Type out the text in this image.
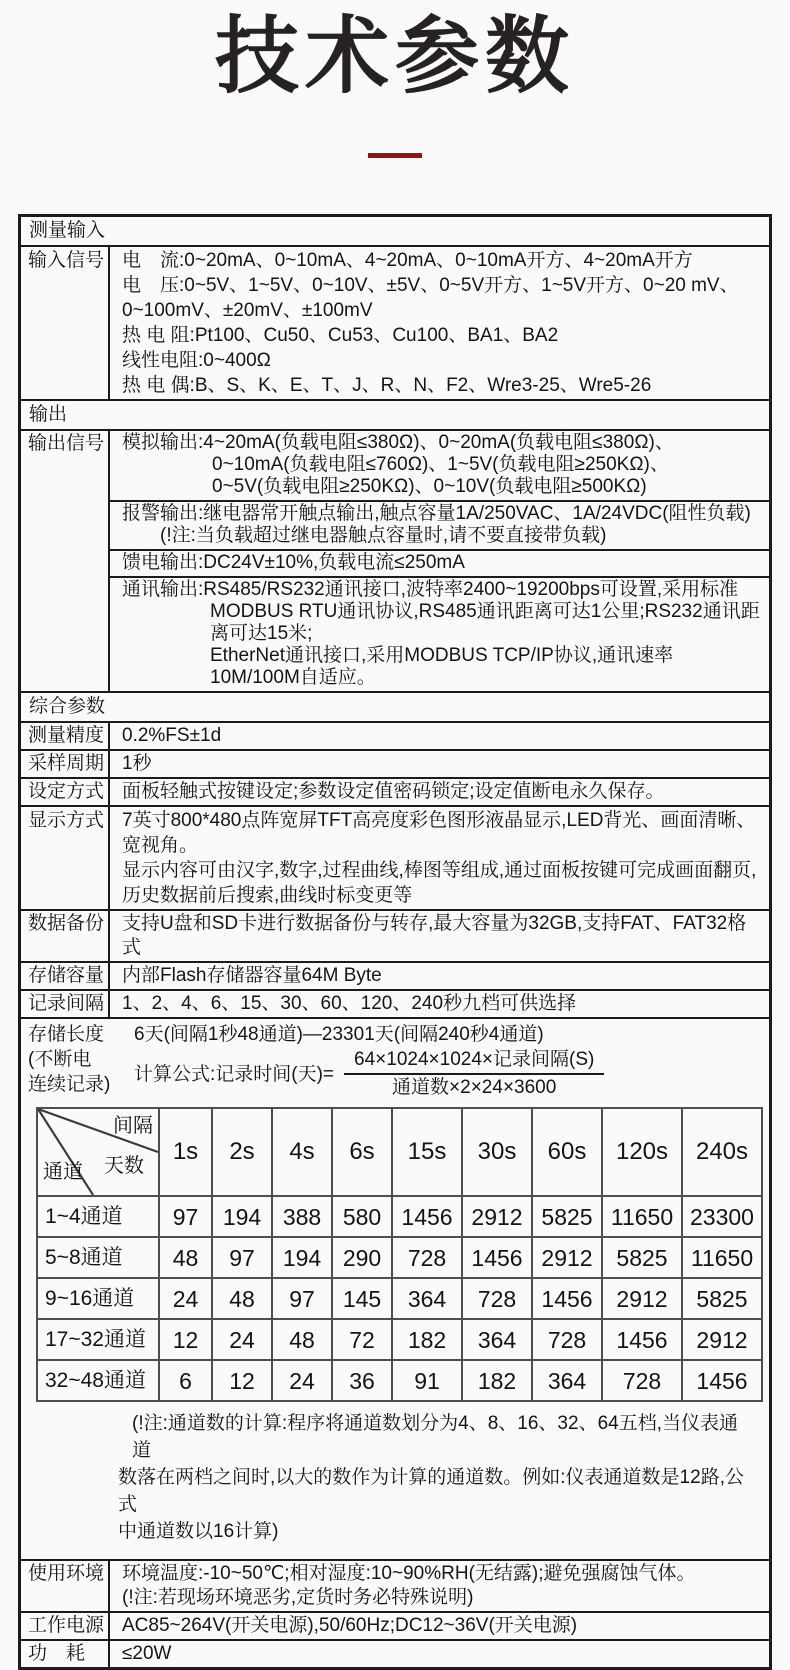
技术参数
测量输入
输入信号 电　流:0~20mA、0~10mA、4~20mA、0~10mA开方、4~20mA开方
电　压:0~5V、1~5V、0~10V、±5V、0~5V开方、1~5V开方、0~20 mV、
0~100mV、±20mV、±100mV
热 电 阻:Pt100、Cu50、Cu53、Cu100、BA1、BA2
线性电阻:0~400Ω
热 电 偶:B、S、K、E、T、J、R、N、F2、Wre3-25、Wre5-26
输出
输出信号 模拟输出:4~20mA(负载电阻≤380Ω)、0~20mA(负载电阻≤380Ω)、
0~10mA(负载电阻≤760Ω)、1~5V(负载电阻≥250KΩ)、
0~5V(负载电阻≥250KΩ)、0~10V(负载电阻≥500KΩ)
报警输出:继电器常开触点输出,触点容量1A/250VAC、1A/24VDC(阻性负载)
(!注:当负载超过继电器触点容量时,请不要直接带负载)
馈电输出:DC24V±10%,负载电流≤250mA
通讯输出:RS485/RS232通讯接口,波特率2400~19200bps可设置,采用标准
MODBUS RTU通讯协议,RS485通讯距离可达1公里;RS232通讯距离可达15米;
EtherNet通讯接口,采用MODBUS TCP/IP协议,通讯速率10M/100M自适应。
综合参数
测量精度 0.2%FS±1d
采样周期 1秒
设定方式 面板轻触式按键设定;参数设定值密码锁定;设定值断电永久保存。
显示方式 7英寸800*480点阵宽屏TFT高亮度彩色图形液晶显示,LED背光、画面清晰、宽视角。
显示内容可由汉字,数字,过程曲线,棒图等组成,通过面板按键可完成画面翻页,
历史数据前后搜索,曲线时标变更等
数据备份 支持U盘和SD卡进行数据备份与转存,最大容量为32GB,支持FAT、FAT32格式
存储容量 内部Flash存储器容量64M Byte
记录间隔 1、2、4、6、15、30、60、120、240秒九档可供选择
存储长度
(不断电
连续记录)
6天(间隔1秒48通道)—23301天(间隔240秒4通道)
计算公式:记录时间(天)= $\frac{\text{64×1024×1024×记录间隔(S)}}{\text{通道数×2×24×3600}}$
间隔
天数
通道	1s	2s	4s	6s	15s	30s	60s	120s	240s
1~4通道	97	194	388	580	1456	2912	5825	11650	23300
5~8通道	48	97	194	290	728	1456	2912	5825	11650
9~16通道	24	48	97	145	364	728	1456	2912	5825
17~32通道	12	24	48	72	182	364	728	1456	2912
32~48通道	6	12	24	36	91	182	364	728	1456
(!注:通道数的计算:程序将通道数划分为4、8、16、32、64五档,当仪表通道
数落在两档之间时,以大的数作为计算的通道数。例如:仪表通道数是12路,公式
中通道数以16计算)
使用环境 环境温度:-10~50℃;相对湿度:10~90%RH(无结露);避免强腐蚀气体。
(!注:若现场环境恶劣,定货时务必特殊说明)
工作电源 AC85~264V(开关电源),50/60Hz;DC12~36V(开关电源)
功　耗	≤20W
